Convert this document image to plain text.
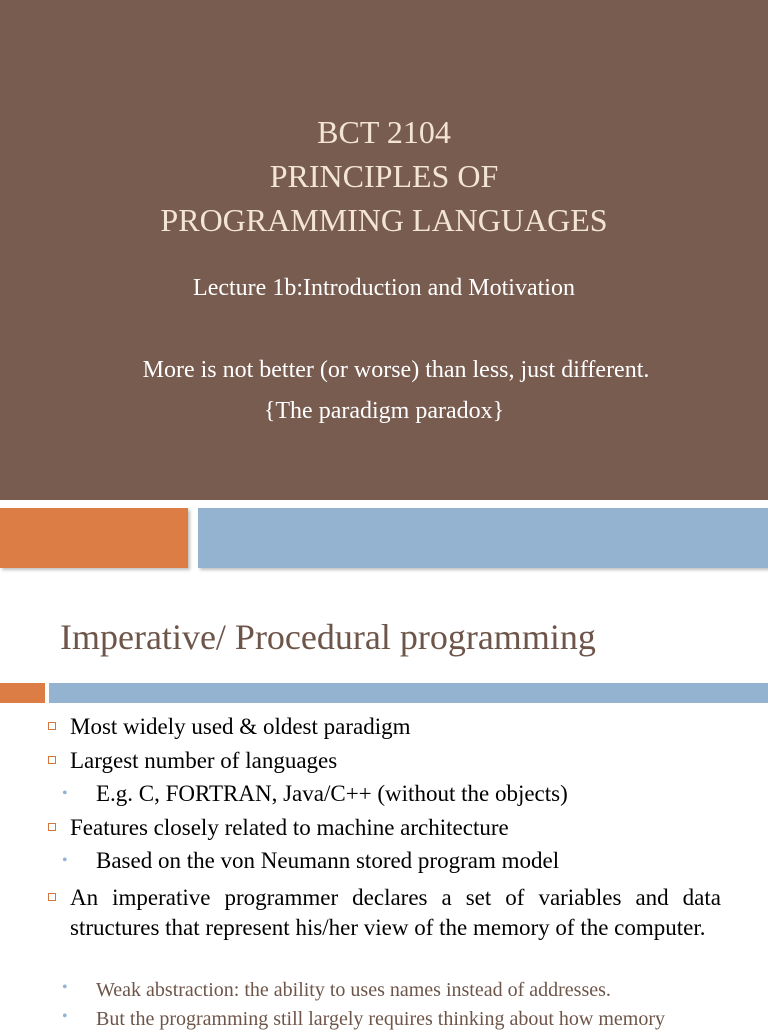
BCT 2104
PRINCIPLES OF
PROGRAMMING LANGUAGES
Lecture 1b:Introduction and Motivation
More is not better (or worse) than less, just different.
{The paradigm paradox}
Imperative/ Procedural programming
Most widely used & oldest paradigm
Largest number of languages
• E.g. C, FORTRAN, Java/C++ (without the objects)
Features closely related to machine architecture
• Based on the von Neumann stored program model
An imperative programmer declares a set of variables and data structures that represent his/her view of the memory of the computer.
• Weak abstraction: the ability to uses names instead of addresses.
• But the programming still largely requires thinking about how memory
